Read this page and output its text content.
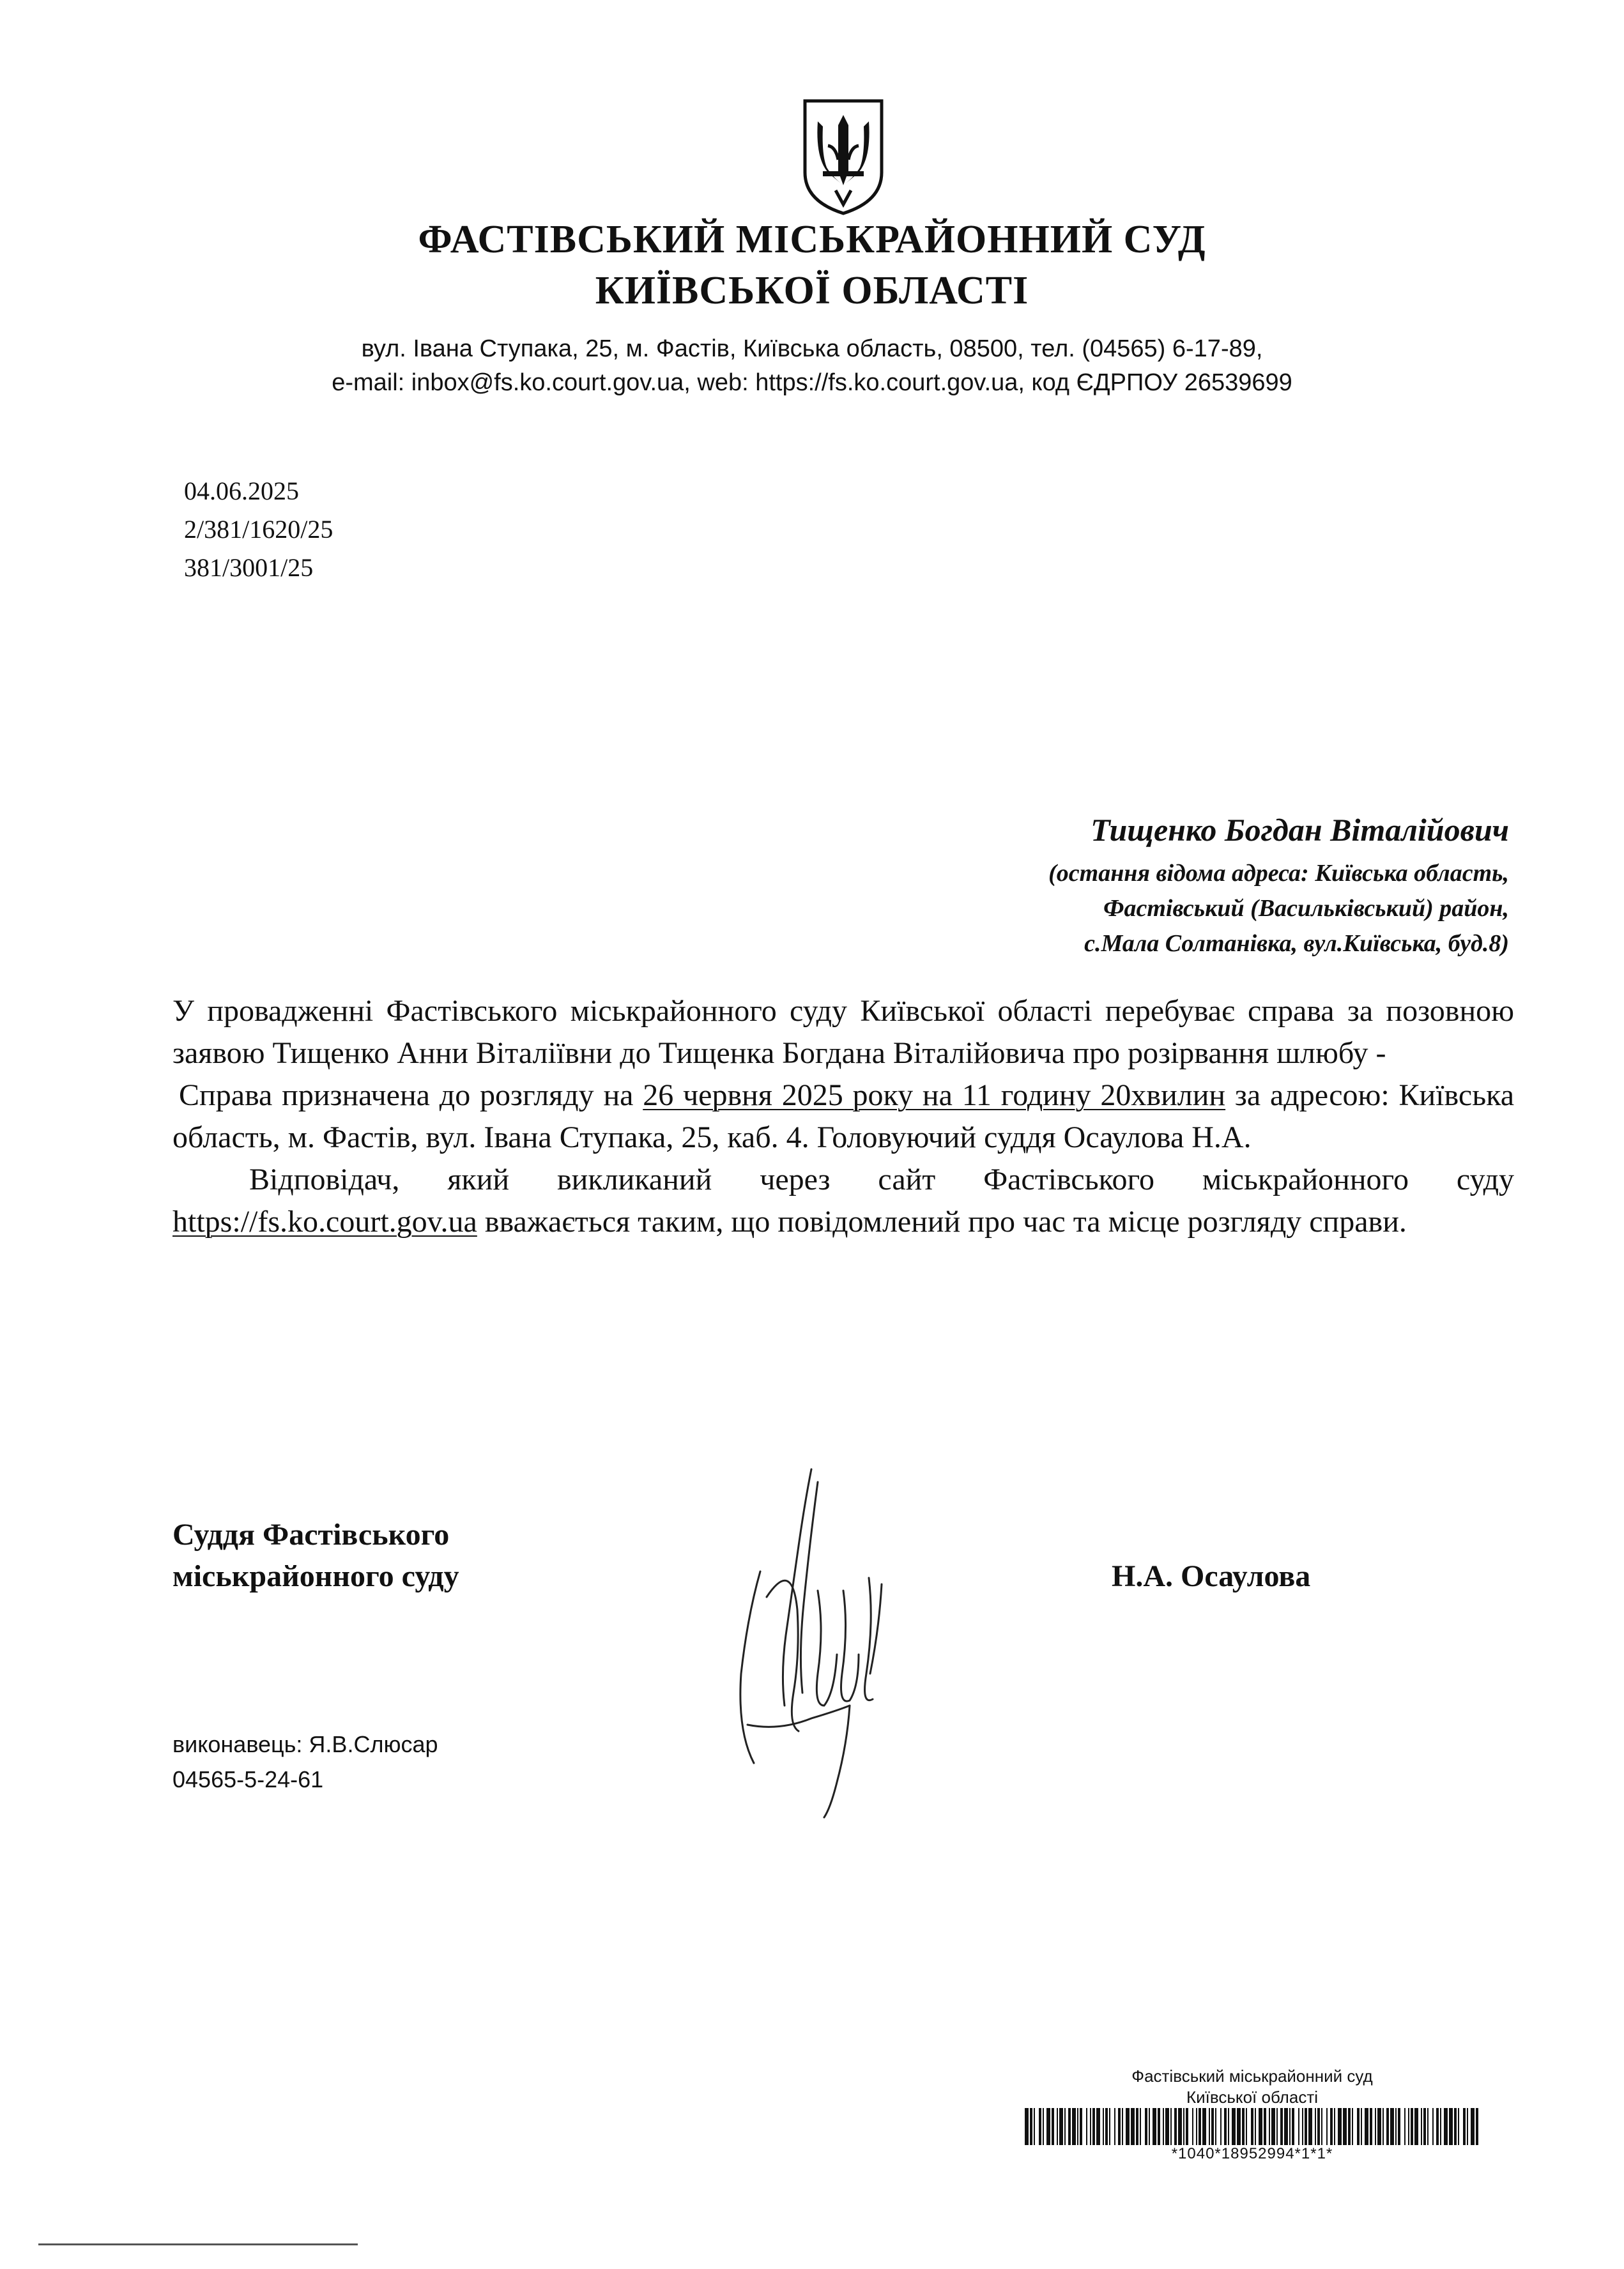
ФАСТІВСЬКИЙ МІСЬКРАЙОННИЙ СУД
КИЇВСЬКОЇ ОБЛАСТІ
вул. Івана Ступака, 25, м. Фастів, Київська область, 08500, тел. (04565) 6-17-89,
e-mail: inbox@fs.ko.court.gov.ua, web: https://fs.ko.court.gov.ua, код ЄДРПОУ 26539699
04.06.2025
2/381/1620/25
381/3001/25
Тищенко Богдан Віталійович
(остання відома адреса: Київська область,
Фастівський (Васильківський) район,
с.Мала Солтанівка, вул.Київська, буд.8)

У провадженні Фастівського міськрайонного суду Київської області перебуває справа за позовною заявою Тищенко Анни Віталіївни до Тищенка Богдана Віталійовича про розірвання шлюбу -

Справа призначена до розгляду на 26 червня 2025 року на 11 годину 20хвилин за адресою: Київська область, м. Фастів, вул. Івана Ступака, 25, каб. 4. Головуючий суддя Осаулова Н.А.

Відповідач, який викликаний через сайт Фастівського міськрайонного суду https://fs.ko.court.gov.ua вважається таким, що повідомлений про час та місце розгляду справи.

Суддя Фастівського
міськрайонного суду	Н.А. Осаулова
виконавець: Я.В.Слюсар
04565-5-24-61
Фастівський міськрайонний суд
Київської області
*1040*18952994*1*1*
